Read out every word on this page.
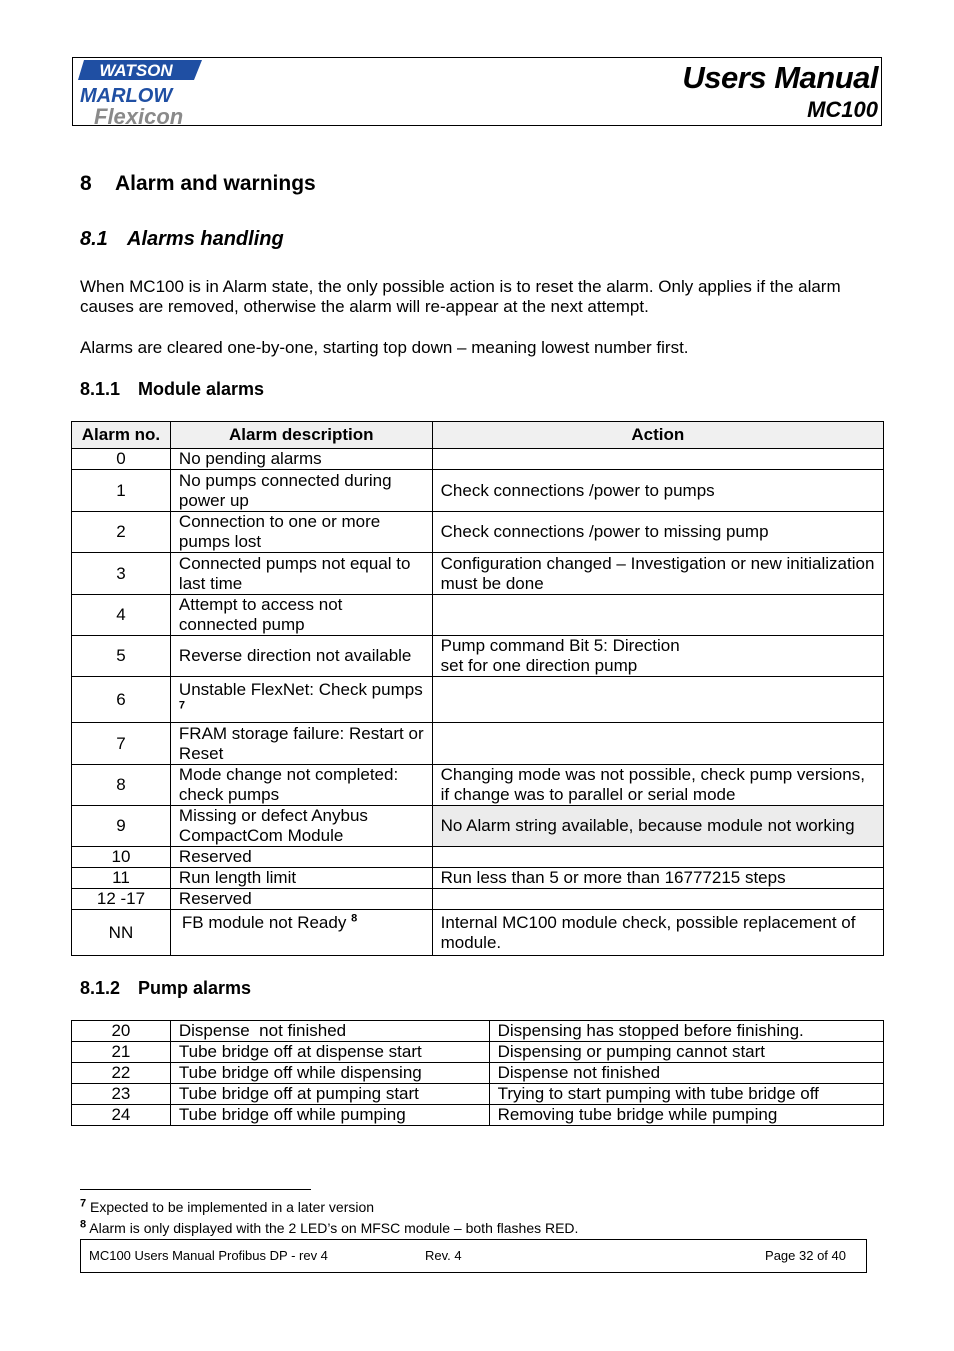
WATSON
MARLOW
Flexicon
Users Manual
MC100
8 Alarm and warnings
8.1 Alarms handling

When MC100 is in Alarm state, the only possible action is to reset the alarm. Only applies if the alarm causes are removed, otherwise the alarm will re-appear at the next attempt.

Alarms are cleared one-by-one, starting top down – meaning lowest number first.

8.1.1 Module alarms
Alarm no.	Alarm description	Action
0	No pending alarms	
1	No pumps connected during power up	Check connections /power to pumps
2	Connection to one or more pumps lost	Check connections /power to missing pump
3	Connected pumps not equal to last time	Configuration changed – Investigation or new initialization must be done
4	Attempt to access not connected pump	
5	Reverse direction not available	Pump command Bit 5: Direction
set for one direction pump
6	Unstable FlexNet: Check pumps $^7$	
7	FRAM storage failure: Restart or Reset	
8	Mode change not completed: check pumps	Changing mode was not possible, check pump versions, if change was to parallel or serial mode
9	Missing or defect Anybus CompactCom Module	No Alarm string available, because module not working
10	Reserved	
11	Run length limit	Run less than 5 or more than 16777215 steps
12 -17	Reserved	
NN	FB module not Ready $^8$	Internal MC100 module check, possible replacement of module.
8.1.2 Pump alarms
20	Dispense  not finished	Dispensing has stopped before finishing.
21	Tube bridge off at dispense start	Dispensing or pumping cannot start
22	Tube bridge off while dispensing	Dispense not finished
23	Tube bridge off at pumping start	Trying to start pumping with tube bridge off
24	Tube bridge off while pumping	Removing tube bridge while pumping
$^7$ Expected to be implemented in a later version
$^8$ Alarm is only displayed with the 2 LED’s on MFSC module – both flashes RED.
MC100 Users Manual Profibus DP - rev 4	Rev. 4	Page 32 of 40
